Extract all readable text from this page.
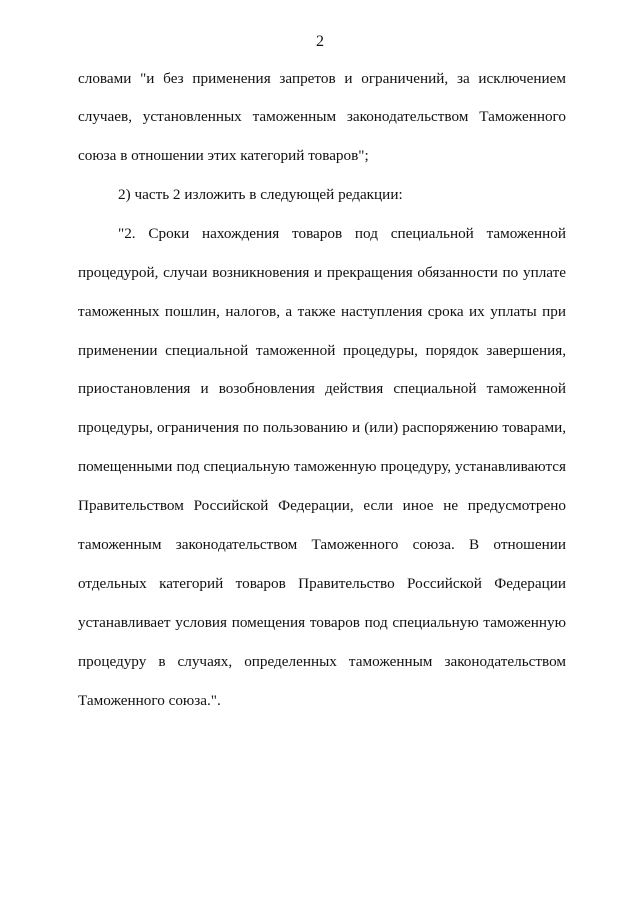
2
словами "и без применения запретов и ограничений, за исключением
случаев, установленных таможенным законодательством Таможенного
союза в отношении этих категорий товаров";
2) часть 2 изложить в следующей редакции:
"2. Сроки нахождения товаров под специальной таможенной
процедурой, случаи возникновения и прекращения обязанности по уплате
таможенных пошлин, налогов, а также наступления срока их уплаты при
применении специальной таможенной процедуры, порядок завершения,
приостановления и возобновления действия специальной таможенной
процедуры, ограничения по пользованию и (или) распоряжению товарами,
помещенными под специальную таможенную процедуру, устанавливаются
Правительством Российской Федерации, если иное не предусмотрено
таможенным законодательством Таможенного союза. В отношении
отдельных категорий товаров Правительство Российской Федерации
устанавливает условия помещения товаров под специальную таможенную
процедуру в случаях, определенных таможенным законодательством
Таможенного союза.".
